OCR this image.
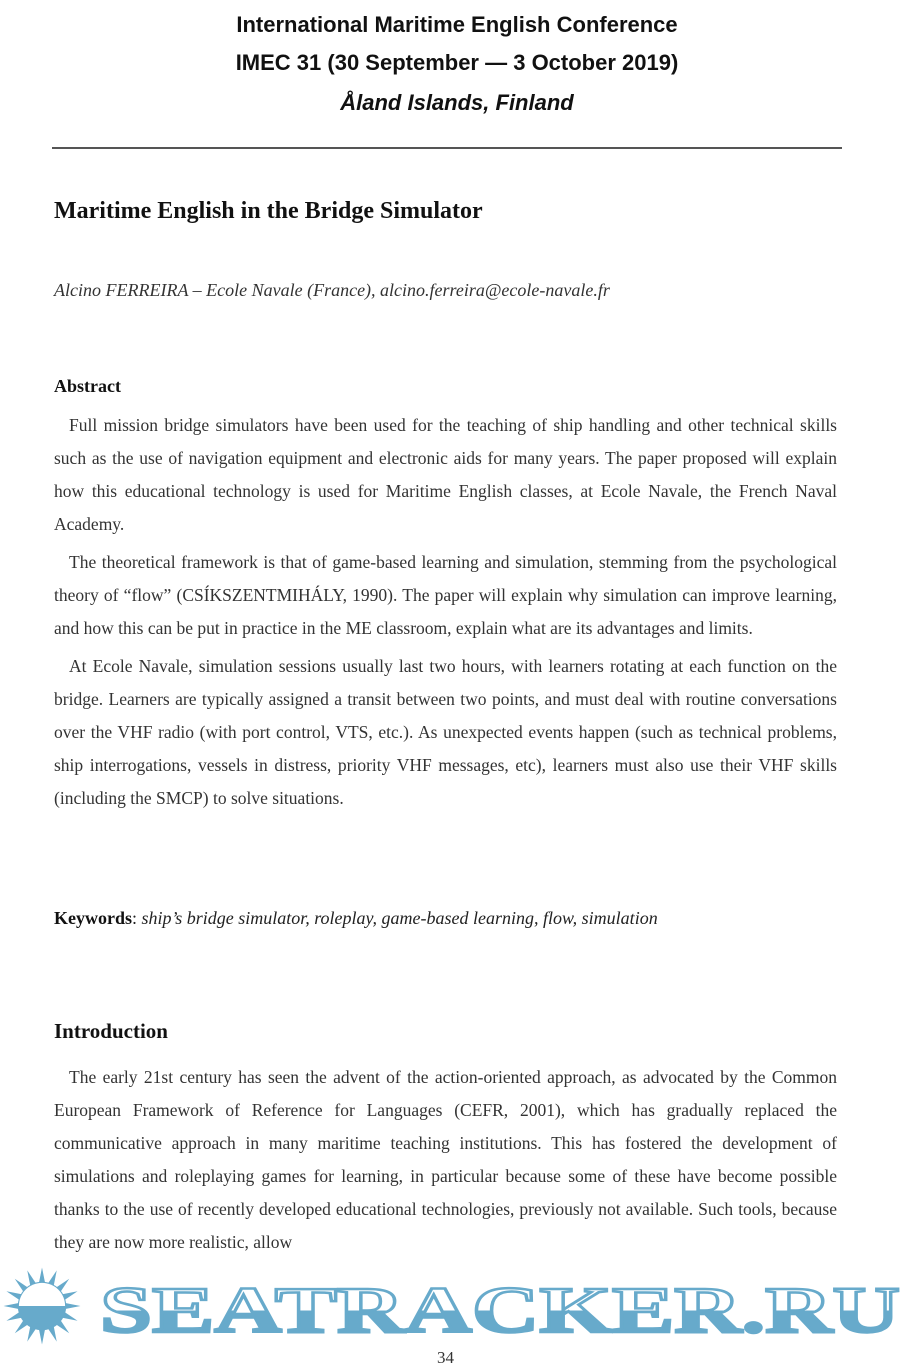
International Maritime English Conference
IMEC 31 (30 September — 3 October 2019)
Åland Islands, Finland
Maritime English in the Bridge Simulator
Alcino FERREIRA – Ecole Navale (France), alcino.ferreira@ecole-navale.fr
Abstract

Full mission bridge simulators have been used for the teaching of ship handling and other technical skills such as the use of navigation equipment and electronic aids for many years. The paper proposed will explain how this educational technology is used for Maritime English classes, at Ecole Navale, the French Naval Academy.

The theoretical framework is that of game-based learning and simulation, stemming from the psychological theory of “flow” (CSÍKSZENTMIHÁLY, 1990). The paper will explain why simulation can improve learning, and how this can be put in practice in the ME classroom, explain what are its advantages and limits.

At Ecole Navale, simulation sessions usually last two hours, with learners rotating at each function on the bridge. Learners are typically assigned a transit between two points, and must deal with routine conversations over the VHF radio (with port control, VTS, etc.). As unexpected events happen (such as technical problems, ship interrogations, vessels in distress, priority VHF messages, etc), learners must also use their VHF skills (including the SMCP) to solve situations.

Keywords: ship’s bridge simulator, roleplay, game-based learning, flow, simulation
Introduction

The early 21st century has seen the advent of the action-oriented approach, as advocated by the Common European Framework of Reference for Languages (CEFR, 2001), which has gradually replaced the communicative approach in many maritime teaching institutions. This has fostered the development of simulations and roleplaying games for learning, in particular because some of these have become possible thanks to the use of recently developed educational technologies, previously not available. Such tools, because they are now more realistic, allow

SEATRACKER.RU
34
